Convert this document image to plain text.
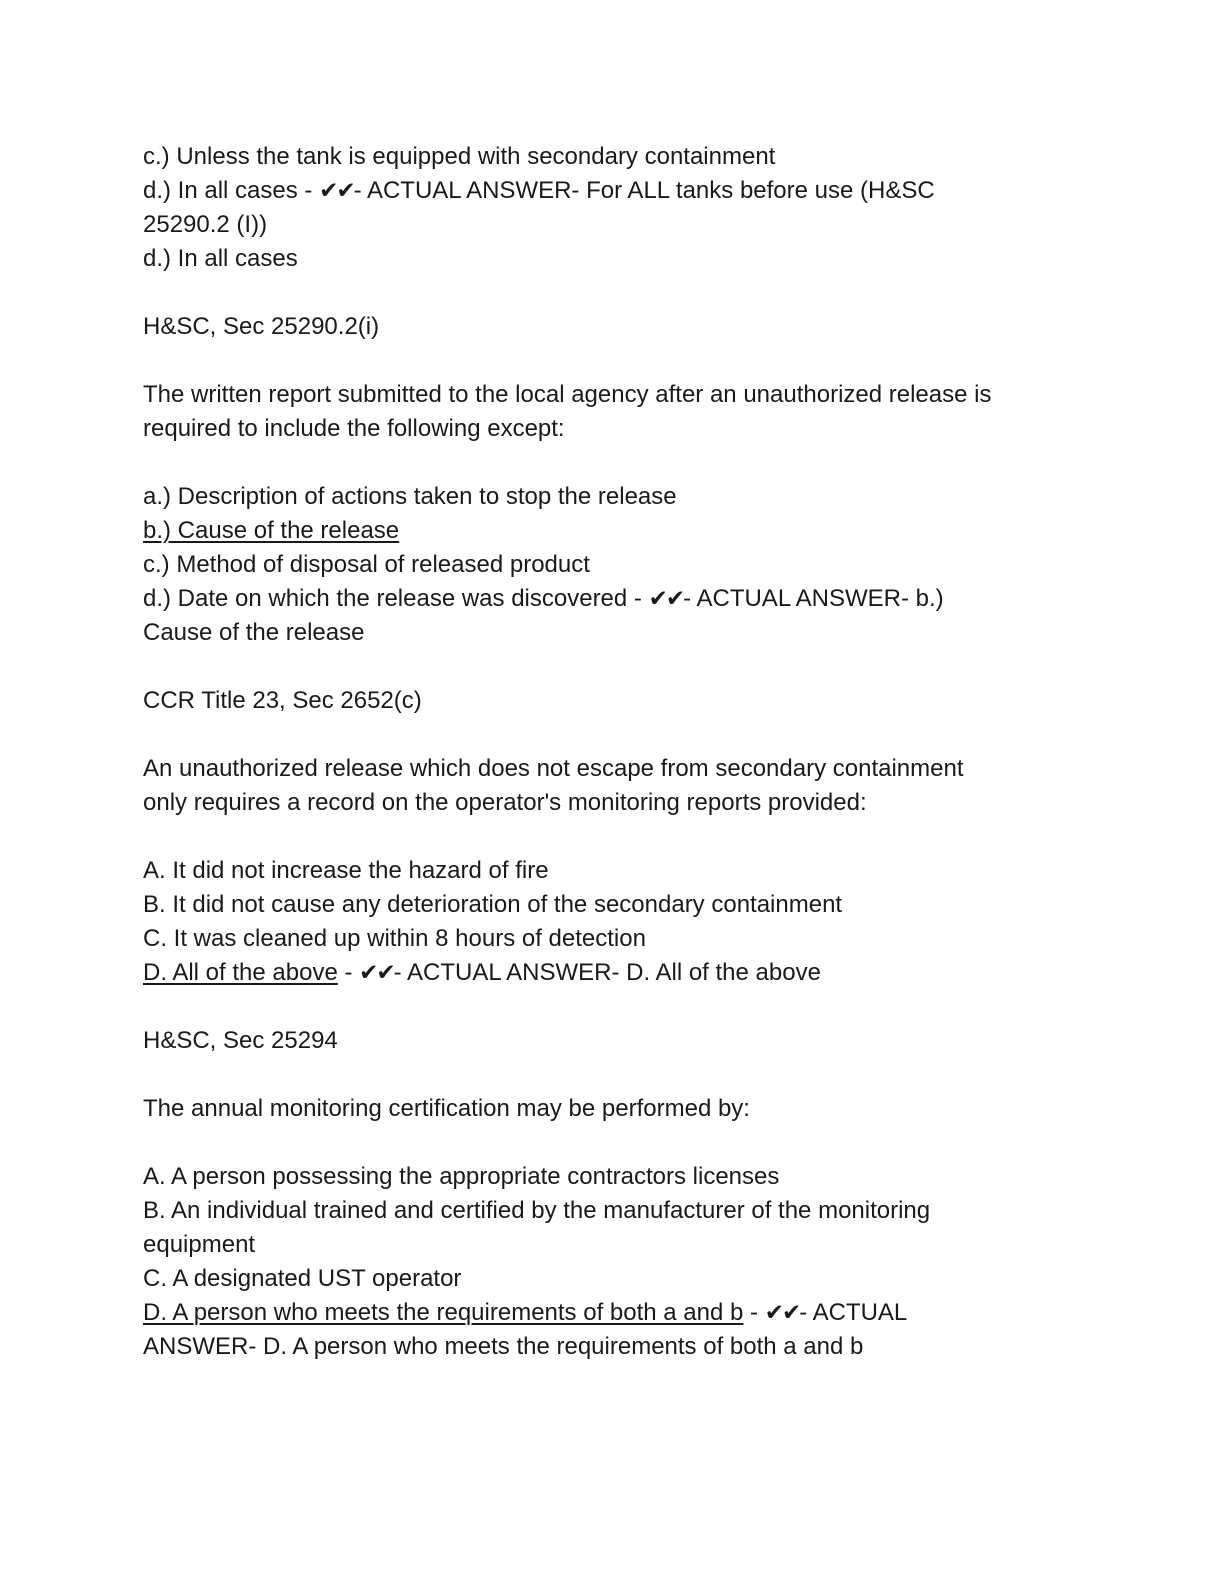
c.) Unless the tank is equipped with secondary containment

d.) In all cases - ✔✔- ACTUAL ANSWER- For ALL tanks before use (H&SC

25290.2 (I))

d.) In all cases

H&SC, Sec 25290.2(i)

The written report submitted to the local agency after an unauthorized release is

required to include the following except:

a.) Description of actions taken to stop the release

b.) Cause of the release

c.) Method of disposal of released product

d.) Date on which the release was discovered - ✔✔- ACTUAL ANSWER- b.)

Cause of the release

CCR Title 23, Sec 2652(c)

An unauthorized release which does not escape from secondary containment

only requires a record on the operator's monitoring reports provided:

A. It did not increase the hazard of fire

B. It did not cause any deterioration of the secondary containment

C. It was cleaned up within 8 hours of detection

D. All of the above - ✔✔- ACTUAL ANSWER- D. All of the above

H&SC, Sec 25294

The annual monitoring certification may be performed by:

A. A person possessing the appropriate contractors licenses

B. An individual trained and certified by the manufacturer of the monitoring

equipment

C. A designated UST operator

D. A person who meets the requirements of both a and b - ✔✔- ACTUAL

ANSWER- D. A person who meets the requirements of both a and b
